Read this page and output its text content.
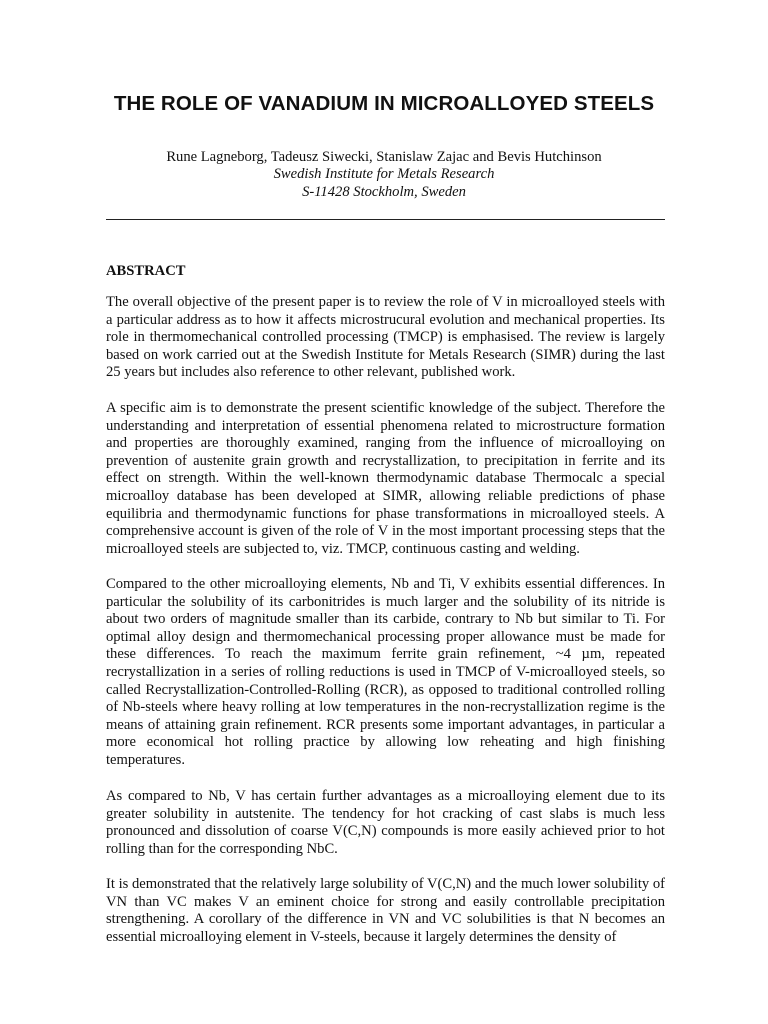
THE ROLE OF VANADIUM IN MICROALLOYED STEELS

Rune Lagneborg, Tadeusz Siwecki, Stanislaw Zajac and Bevis Hutchinson

Swedish Institute for Metals Research

S-11428 Stockholm, Sweden

ABSTRACT

The overall objective of the present paper is to review the role of V in microalloyed steels with a particular address as to how it affects microstrucural evolution and mechanical properties. Its role in thermomechanical controlled processing (TMCP) is emphasised. The review is largely based on work carried out at the Swedish Institute for Metals Research (SIMR) during the last 25 years but includes also reference to other relevant, published work.

A specific aim is to demonstrate the present scientific knowledge of the subject. Therefore the understanding and interpretation of essential phenomena related to microstructure formation and properties are thoroughly examined, ranging from the influence of microalloying on prevention of austenite grain growth and recrystallization, to precipitation in ferrite and its effect on strength. Within the well-known thermodynamic database Thermocalc a special microalloy database has been developed at SIMR, allowing reliable predictions of phase equilibria and thermodynamic functions for phase transformations in microalloyed steels. A comprehensive account is given of the role of V in the most important processing steps that the microalloyed steels are subjected to, viz. TMCP, continuous casting and welding.

Compared to the other microalloying elements, Nb and Ti, V exhibits essential differences. In particular the solubility of its carbonitrides is much larger and the solubility of its nitride is about two orders of magnitude smaller than its carbide, contrary to Nb but similar to Ti. For optimal alloy design and thermomechanical processing proper allowance must be made for these differences. To reach the maximum ferrite grain refinement, ~4 µm, repeated recrystallization in a series of rolling reductions is used in TMCP of V-microalloyed steels, so called Recrystallization-Controlled-Rolling (RCR), as opposed to traditional controlled rolling of Nb-steels where heavy rolling at low temperatures in the non-recrystallization regime is the means of attaining grain refinement. RCR presents some important advantages, in particular a more economical hot rolling practice by allowing low reheating and high finishing temperatures.

As compared to Nb, V has certain further advantages as a microalloying element due to its greater solubility in autstenite. The tendency for hot cracking of cast slabs is much less pronounced and dissolution of coarse V(C,N) compounds is more easily achieved prior to hot rolling than for the corresponding NbC.

It is demonstrated that the relatively large solubility of V(C,N) and the much lower solubility of VN than VC makes V an eminent choice for strong and easily controllable precipitation strengthening. A corollary of the difference in VN and VC solubilities is that N becomes an essential microalloying element in V-steels, because it largely determines the density of
